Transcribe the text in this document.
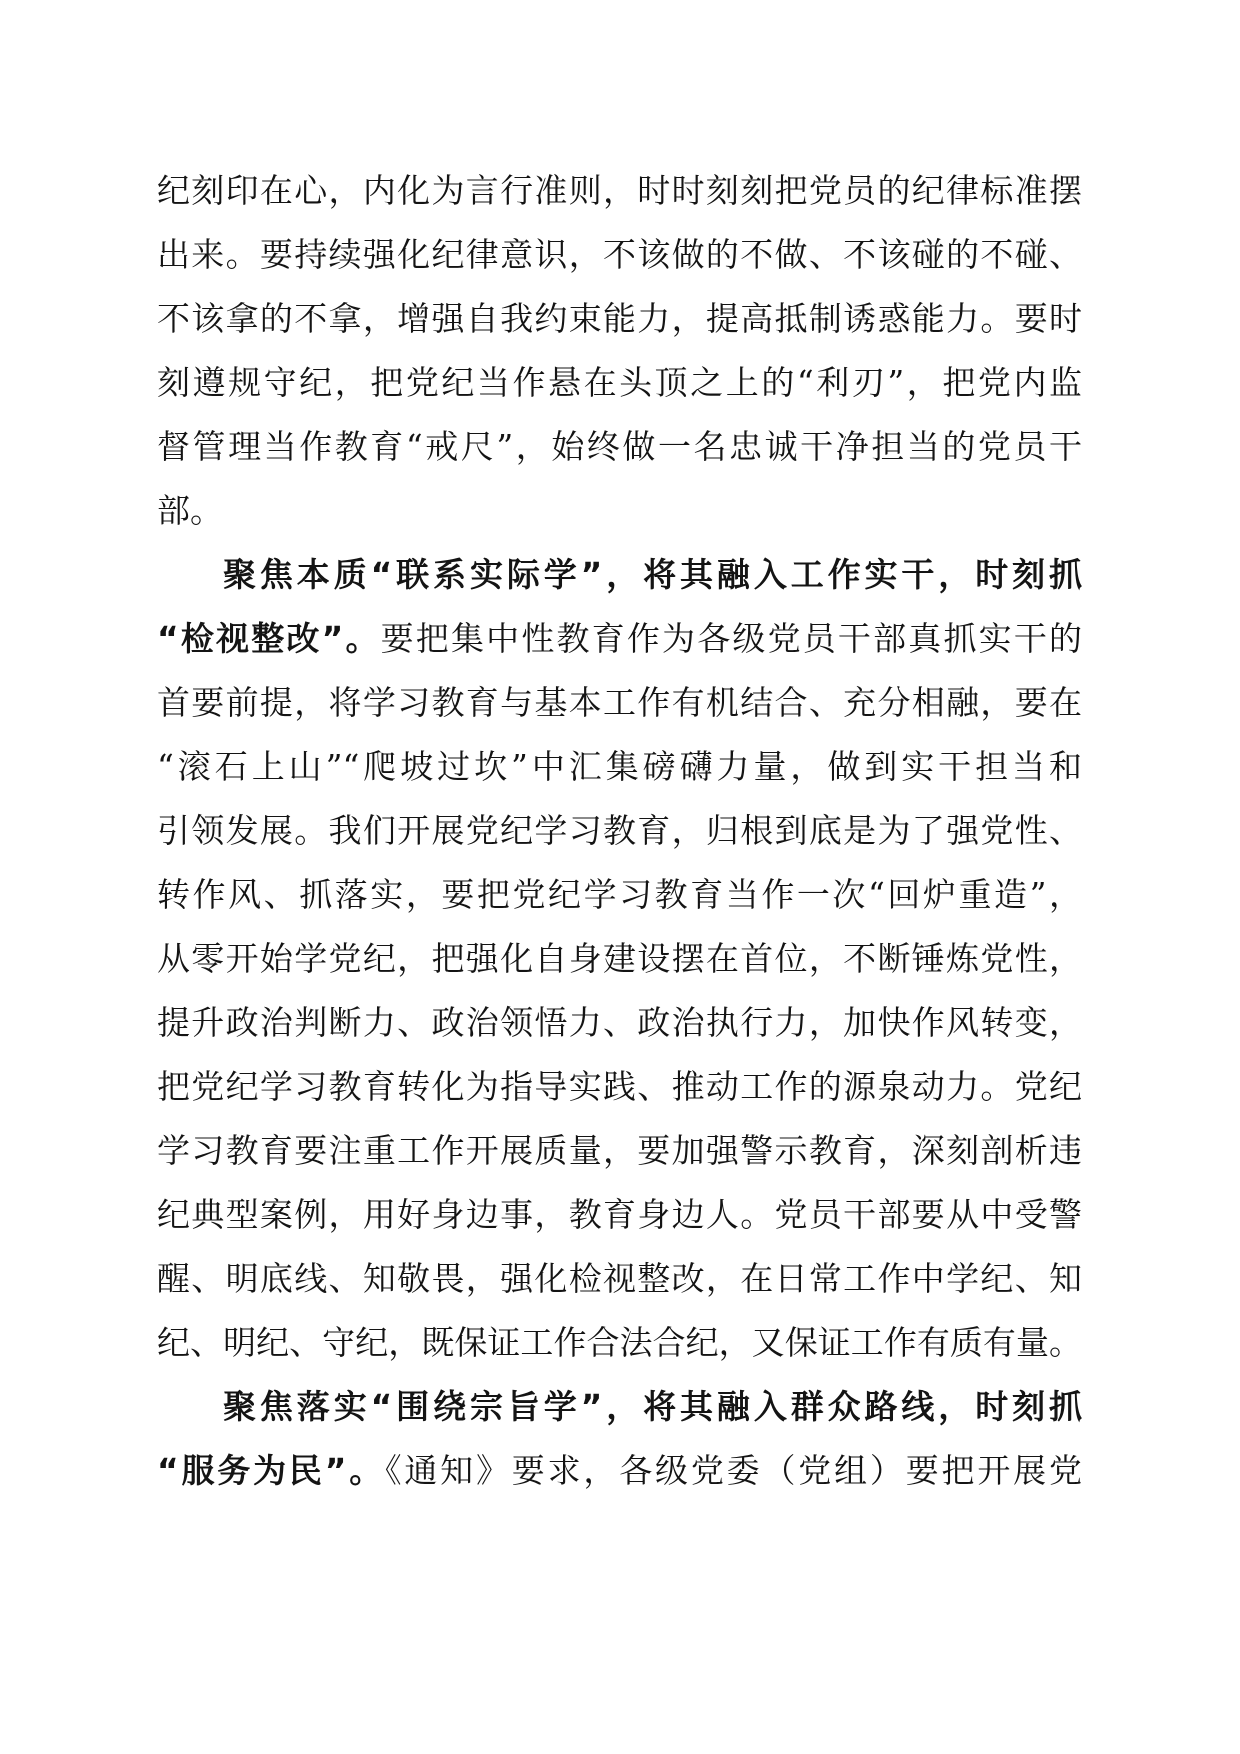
纪刻印在心，内化为言行准则，时时刻刻把党员的纪律标准摆
出来。要持续强化纪律意识，不该做的不做、不该碰的不碰、
不该拿的不拿，增强自我约束能力，提高抵制诱惑能力。要时
刻遵规守纪，把党纪当作悬在头顶之上的“利刃”，把党内监
督管理当作教育“戒尺”，始终做一名忠诚干净担当的党员干
部。
聚焦本质“联系实际学”，将其融入工作实干，时刻抓
“检视整改”。要把集中性教育作为各级党员干部真抓实干的
首要前提，将学习教育与基本工作有机结合、充分相融，要在
“滚石上山”“爬坡过坎”中汇集磅礴力量，做到实干担当和
引领发展。我们开展党纪学习教育，归根到底是为了强党性、
转作风、抓落实，要把党纪学习教育当作一次“回炉重造”，
从零开始学党纪，把强化自身建设摆在首位，不断锤炼党性，
提升政治判断力、政治领悟力、政治执行力，加快作风转变，
把党纪学习教育转化为指导实践、推动工作的源泉动力。党纪
学习教育要注重工作开展质量，要加强警示教育，深刻剖析违
纪典型案例，用好身边事，教育身边人。党员干部要从中受警
醒、明底线、知敬畏，强化检视整改，在日常工作中学纪、知
纪、明纪、守纪，既保证工作合法合纪，又保证工作有质有量。
聚焦落实“围绕宗旨学”，将其融入群众路线，时刻抓
“服务为民”。《通知》要求，各级党委（党组）要把开展党
